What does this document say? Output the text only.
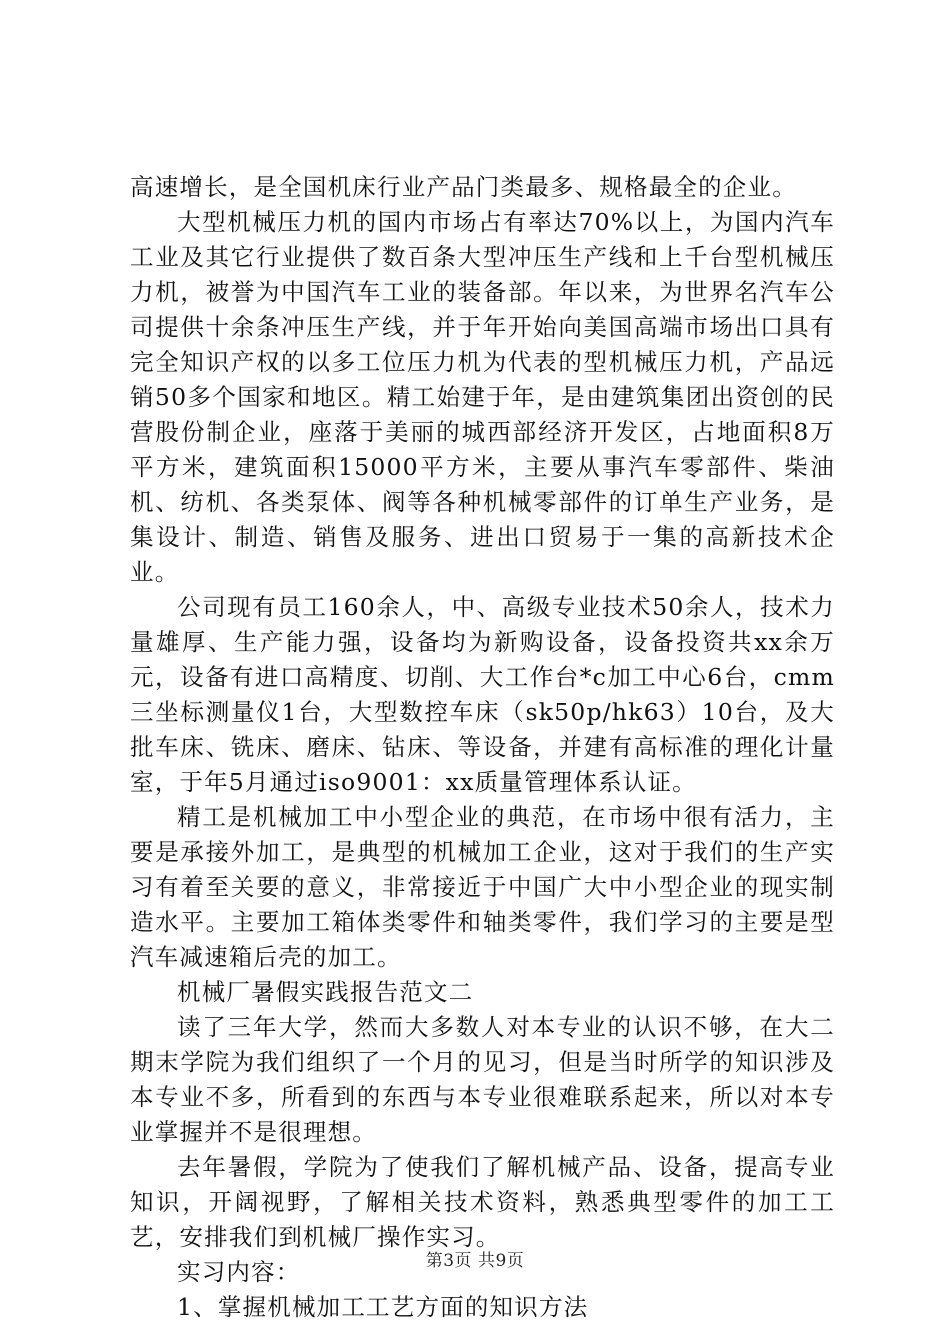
高速增长，是全国机床行业产品门类最多、规格最全的企业。

大型机械压力机的国内市场占有率达70%以上，为国内汽车工业及其它行业提供了数百条大型冲压生产线和上千台型机械压力机，被誉为中国汽车工业的装备部。年以来，为世界名汽车公司提供十余条冲压生产线，并于年开始向美国高端市场出口具有完全知识产权的以多工位压力机为代表的型机械压力机，产品远销50多个国家和地区。精工始建于年，是由建筑集团出资创的民营股份制企业，座落于美丽的城西部经济开发区，占地面积8万平方米，建筑面积15000平方米，主要从事汽车零部件、柴油机、纺机、各类泵体、阀等各种机械零部件的订单生产业务，是集设计、制造、销售及服务、进出口贸易于一集的高新技术企业。

公司现有员工160余人，中、高级专业技术50余人，技术力量雄厚、生产能力强，设备均为新购设备，设备投资共xx余万元，设备有进口高精度、切削、大工作台*c加工中心6台，cmm三坐标测量仪1台，大型数控车床（sk50p/hk63）10台，及大批车床、铣床、磨床、钻床、等设备，并建有高标准的理化计量室，于年5月通过iso9001：xx质量管理体系认证。

精工是机械加工中小型企业的典范，在市场中很有活力，主要是承接外加工，是典型的机械加工企业，这对于我们的生产实习有着至关要的意义，非常接近于中国广大中小型企业的现实制造水平。主要加工箱体类零件和轴类零件，我们学习的主要是型汽车减速箱后壳的加工。

机械厂暑假实践报告范文二

读了三年大学，然而大多数人对本专业的认识不够，在大二期末学院为我们组织了一个月的见习，但是当时所学的知识涉及本专业不多，所看到的东西与本专业很难联系起来，所以对本专业掌握并不是很理想。

去年暑假，学院为了使我们了解机械产品、设备，提高专业知识，开阔视野，了解相关技术资料，熟悉典型零件的加工工艺，安排我们到机械厂操作实习。

实习内容：

1、掌握机械加工工艺方面的知识方法

第3页 共9页
